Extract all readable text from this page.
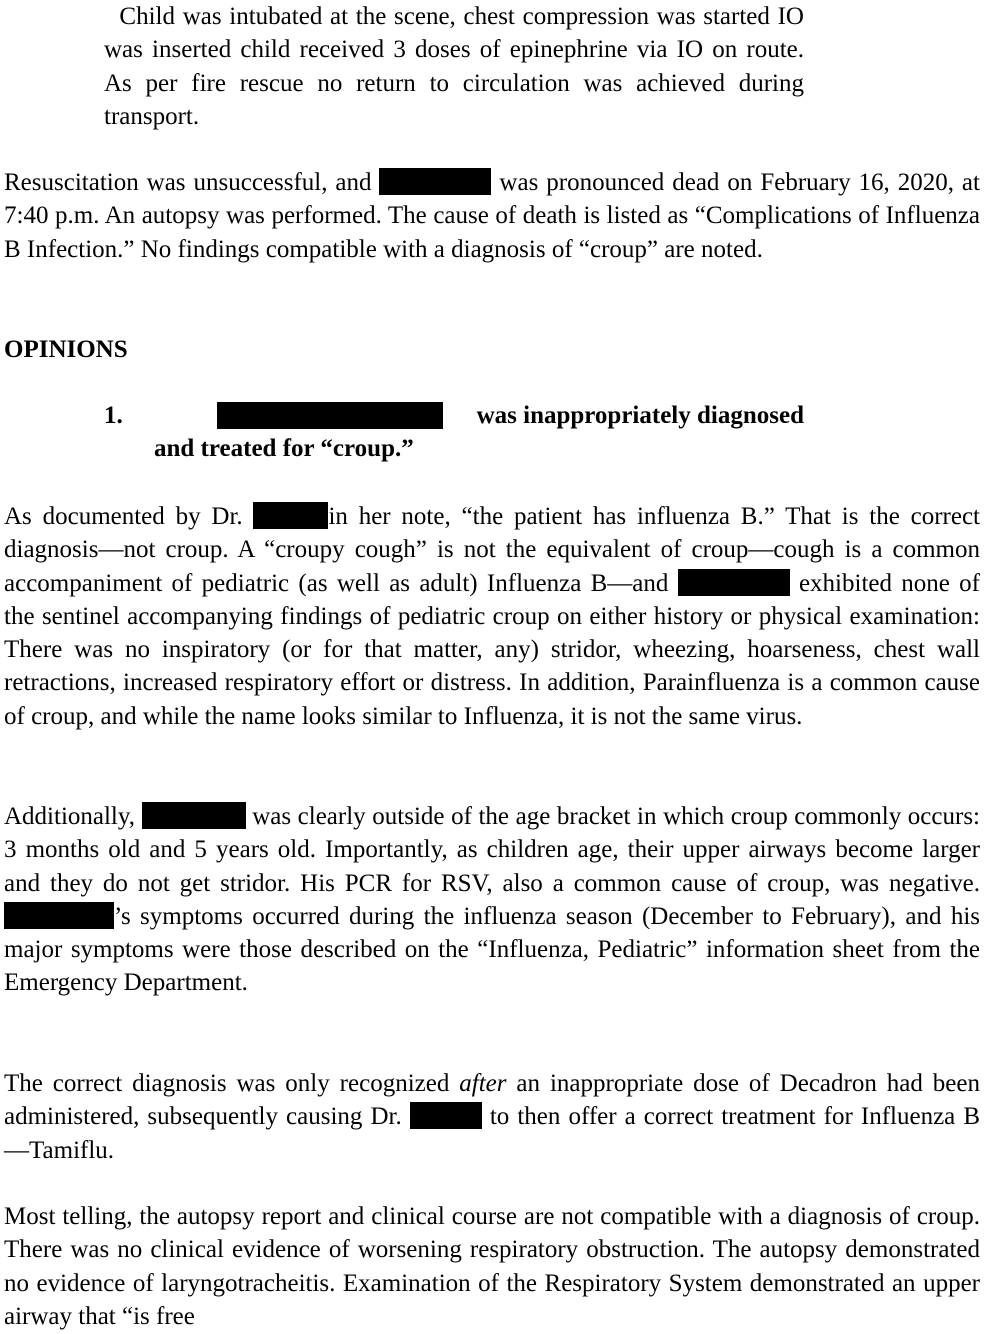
Child was intubated at the scene, chest compression was started IO was inserted child received 3 doses of epinephrine via IO on route. As per fire rescue no return to circulation was achieved during transport.

Resuscitation was unsuccessful, and	was pronounced dead on February 16, 2020, at 7:40 p.m. An autopsy was performed. The cause of death is listed as “Complications of Influenza B Infection.” No findings compatible with a diagnosis of “croup” are noted.

OPINIONS
1.	was inappropriately diagnosed
and treated for “croup.”

As documented by Dr.	in her note, “the patient has influenza B.” That is the correct diagnosis—not croup. A “croupy cough” is not the equivalent of croup—cough is a common accompaniment of pediatric (as well as adult) Influenza B—and	exhibited none of the sentinel accompanying findings of pediatric croup on either history or physical examination: There was no inspiratory (or for that matter, any) stridor, wheezing, hoarseness, chest wall retractions, increased respiratory effort or distress. In addition, Parainfluenza is a common cause of croup, and while the name looks similar to Influenza, it is not the same virus.

Additionally,	was clearly outside of the age bracket in which croup commonly occurs: 3 months old and 5 years old. Importantly, as children age, their upper airways become larger and they do not get stridor. His PCR for RSV, also a common cause of croup, was negative. ’s symptoms occurred during the influenza season (December to February), and his major symptoms were those described on the “Influenza, Pediatric” information sheet from the Emergency Department.

The correct diagnosis was only recognized after an inappropriate dose of Decadron had been administered, subsequently causing Dr.	to then offer a correct treatment for Influenza B—Tamiflu.

Most telling, the autopsy report and clinical course are not compatible with a diagnosis of croup. There was no clinical evidence of worsening respiratory obstruction. The autopsy demonstrated no evidence of laryngotracheitis. Examination of the Respiratory System demonstrated an upper airway that “is free
